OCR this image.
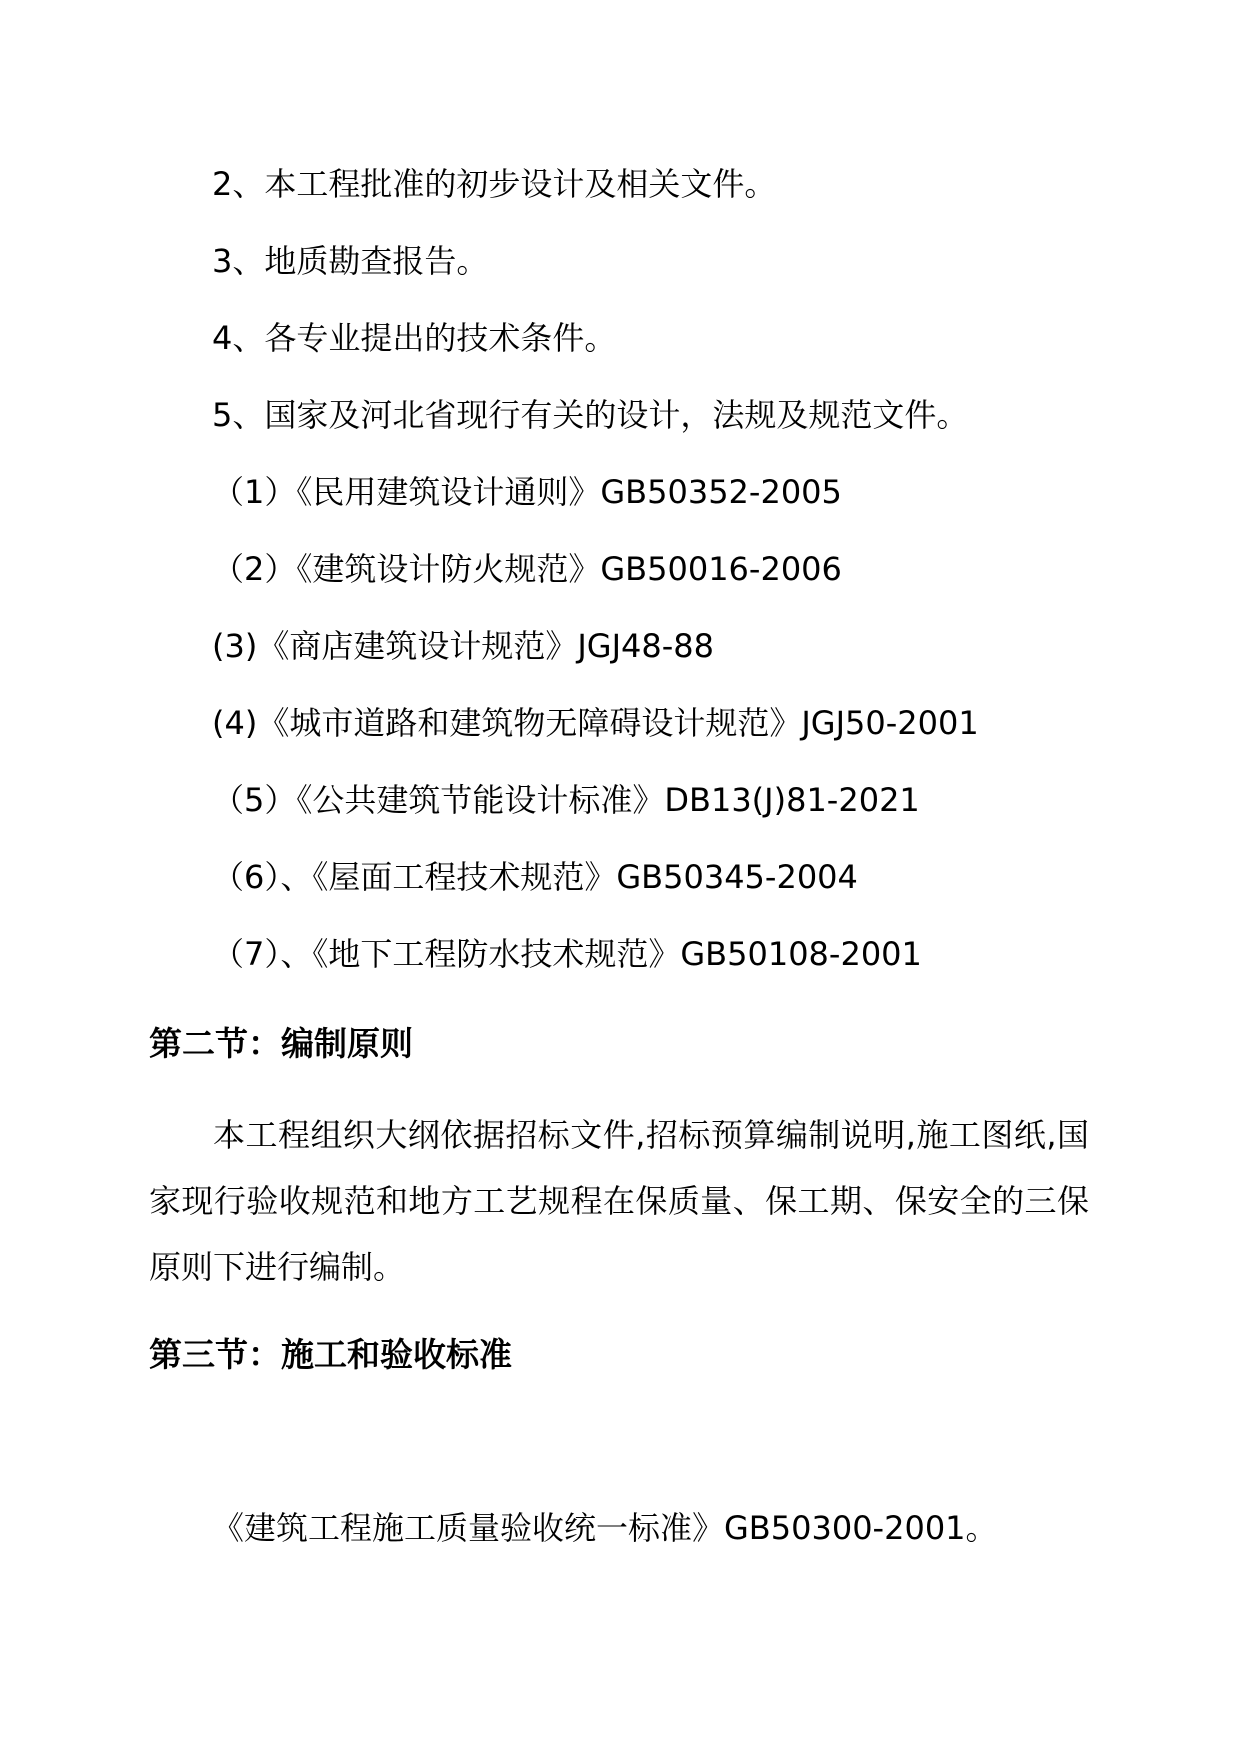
2、本工程批准的初步设计及相关文件。
3、地质勘查报告。
4、各专业提出的技术条件。
5、国家及河北省现行有关的设计，法规及规范文件。
（1）《民用建筑设计通则》GB50352-2005
（2）《建筑设计防火规范》GB50016-2006
(3)《商店建筑设计规范》JGJ48-88
(4)《城市道路和建筑物无障碍设计规范》JGJ50-2001
（5）《公共建筑节能设计标准》DB13(J)81-2021
（6）、《屋面工程技术规范》GB50345-2004
（7）、《地下工程防水技术规范》GB50108-2001
第二节：编制原则
本工程组织大纲依据招标文件,招标预算编制说明,施工图纸,国家现行验收规范和地方工艺规程在保质量、保工期、保安全的三保原则下进行编制。
第三节：施工和验收标准
《建筑工程施工质量验收统一标准》GB50300-2001。
